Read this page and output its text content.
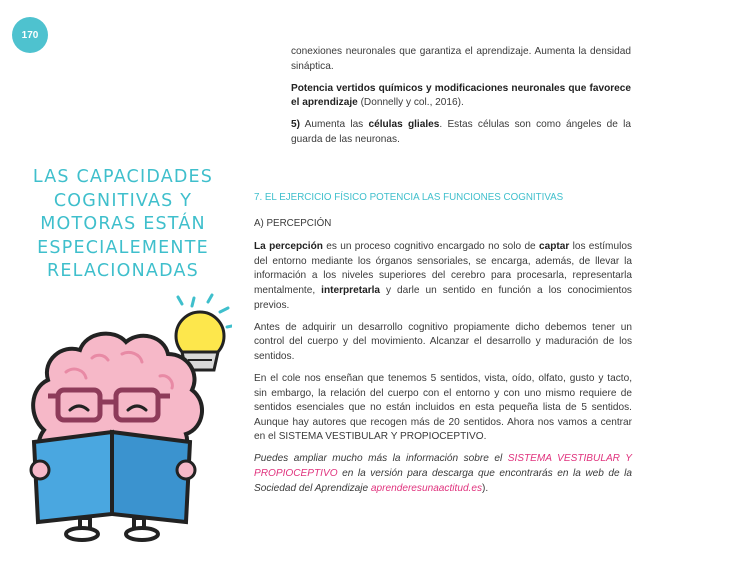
170
LAS CAPACIDADES COGNITIVAS Y MOTORAS ESTÁN ESPECIALEMENTE RELACIONADAS

conexiones neuronales que garantiza el aprendizaje. Aumenta la densidad sináptica.

Potencia vertidos químicos y modificaciones neuronales que favorece el aprendizaje (Donnelly y col., 2016).

5) Aumenta las células gliales. Estas células son como ángeles de la guarda de las neuronas.

7. EL EJERCICIO FÍSICO POTENCIA LAS FUNCIONES COGNITIVAS

A) PERCEPCIÓN

La percepción es un proceso cognitivo encargado no solo de captar los estímulos del entorno mediante los órganos sensoriales, se encarga, además, de llevar la información a los niveles superiores del cerebro para procesarla, representarla mentalmente, interpretarla y darle un sentido en función a los conocimientos previos.

Antes de adquirir un desarrollo cognitivo propiamente dicho debemos tener un control del cuerpo y del movimiento. Alcanzar el desarrollo y maduración de los sentidos.

En el cole nos enseñan que tenemos 5 sentidos, vista, oído, olfato, gusto y tacto, sin embargo, la relación del cuerpo con el entorno y con uno mismo requiere de sentidos esenciales que no están incluidos en esta pequeña lista de 5 sentidos. Aunque hay autores que recogen más de 20 sentidos. Ahora nos vamos a centrar en el SISTEMA VESTIBULAR Y PROPIOCEPTIVO.

Puedes ampliar mucho más la información sobre el SISTEMA VESTIBULAR Y PROPIOCEPTIVO en la versión para descarga que encontrarás en la web de la Sociedad del Aprendizaje aprenderesunaactitud.es).
